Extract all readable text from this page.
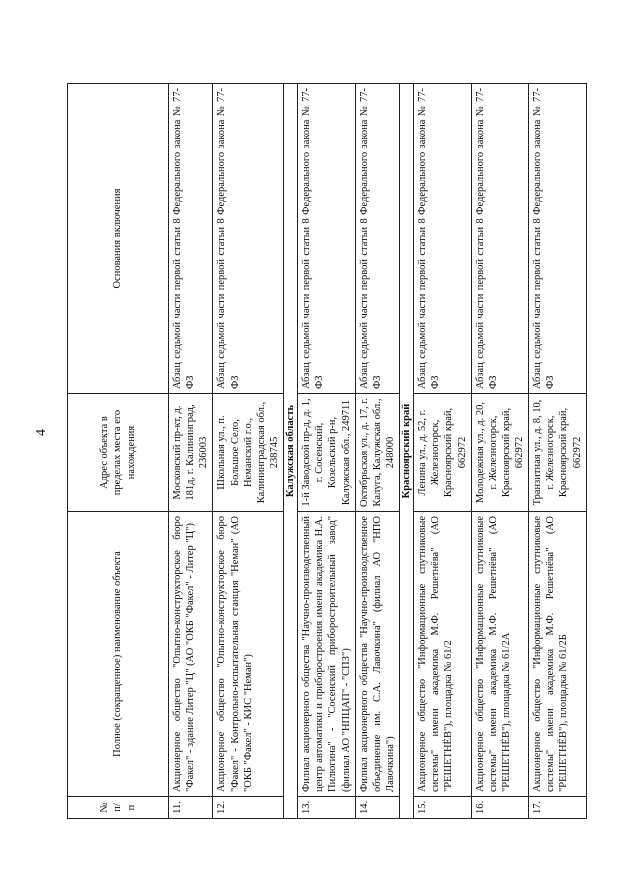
4
№ п/п	Полное (сокращенное) наименование объекта	Адрес объекта в пределах места его нахождения	Основания включения
11.	Акционерное общество "Опытно-конструкторское бюро "Факел" - здание Литер "Ц" (АО "ОКБ "Факел" - Литер "Ц")	Московский пр-кт, д. 181д, г. Калининград, 236003	Абзац седьмой части первой статьи 8 Федерального закона № 77-ФЗ
12.	Акционерное общество "Опытно-конструкторское бюро "Факел" - Контрольно-испытательная станция "Неман" (АО "ОКБ "Факел" - КИС "Неман")	Школьная ул., п. Большое Село, Неманский г.о., Калининградская обл., 238745	Абзац седьмой части первой статьи 8 Федерального закона № 77-ФЗ
Калужская область			
13.	Филиал акционерного общества "Научно-производственный центр автоматики и приборостроения имени академика Н.А. Пилюгина" - "Сосенский приборостроительный завод" (филиал АО "НПЦАП" - "СПЗ")	1-й Заводской пр-д, д. 1, г. Сосенский, Козельский р-н, Калужская обл., 249711	Абзац седьмой части первой статьи 8 Федерального закона № 77-ФЗ
14.	Филиал акционерного общества "Научно-производственное объединение им. С.А. Лавочкина" (филиал АО "НПО Лавочкина")	Октябрьская ул., д. 17, г. Калуга, Калужская обл., 248000	Абзац седьмой части первой статьи 8 Федерального закона № 77-ФЗ
Красноярский край			
15.	Акционерное общество "Информационные спутниковые системы" имени академика М.Ф. Решетнёва" (АО "РЕШЕТНЁВ"), площадка № 61/2	Ленина ул., д. 52, г. Железногорск, Красноярский край, 662972	Абзац седьмой части первой статьи 8 Федерального закона № 77-ФЗ
16.	Акционерное общество "Информационные спутниковые системы" имени академика М.Ф. Решетнёва" (АО "РЕШЕТНЁВ"), площадка № 61/2А	Молодежная ул., д. 20, г. Железногорск, Красноярский край, 662972	Абзац седьмой части первой статьи 8 Федерального закона № 77-ФЗ
17.	Акционерное общество "Информационные спутниковые системы" имени академика М.Ф. Решетнёва" (АО "РЕШЕТНЁВ"), площадка № 61/2Б	Транзитная ул., д. 8, 10, г. Железногорск, Красноярский край, 662972	Абзац седьмой части первой статьи 8 Федерального закона № 77-ФЗ
